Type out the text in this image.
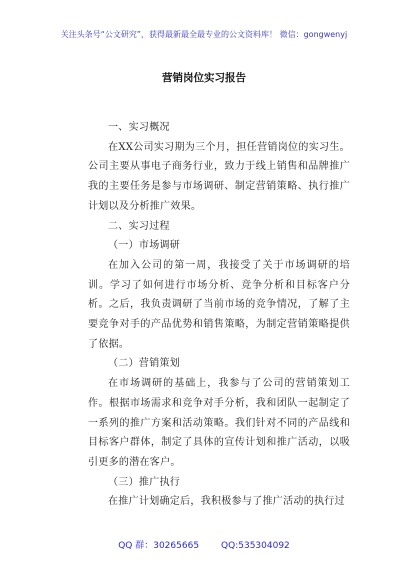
关注头条号“公文研究”，获得最新最全最专业的公文资料库！ 微信：gongwenyj
营销岗位实习报告

一、实习概况

在XX公司实习期为三个月，担任营销岗位的实习生。公司主要从事电子商务行业，致力于线上销售和品牌推广我的主要任务是参与市场调研、制定营销策略、执行推广计划以及分析推广效果。

二、实习过程

（一）市场调研

在加入公司的第一周，我接受了关于市场调研的培训。学习了如何进行市场分析、竞争分析和目标客户分析。之后，我负责调研了当前市场的竞争情况，了解了主要竞争对手的产品优势和销售策略，为制定营销策略提供了依据。

（二）营销策划

在市场调研的基础上，我参与了公司的营销策划工作。根据市场需求和竞争对手分析，我和团队一起制定了一系列的推广方案和活动策略。我们针对不同的产品线和目标客户群体，制定了具体的宣传计划和推广活动，以吸引更多的潜在客户。

（三）推广执行

在推广计划确定后，我积极参与了推广活动的执行过

QQ 群：30265665 QQ:535304092
